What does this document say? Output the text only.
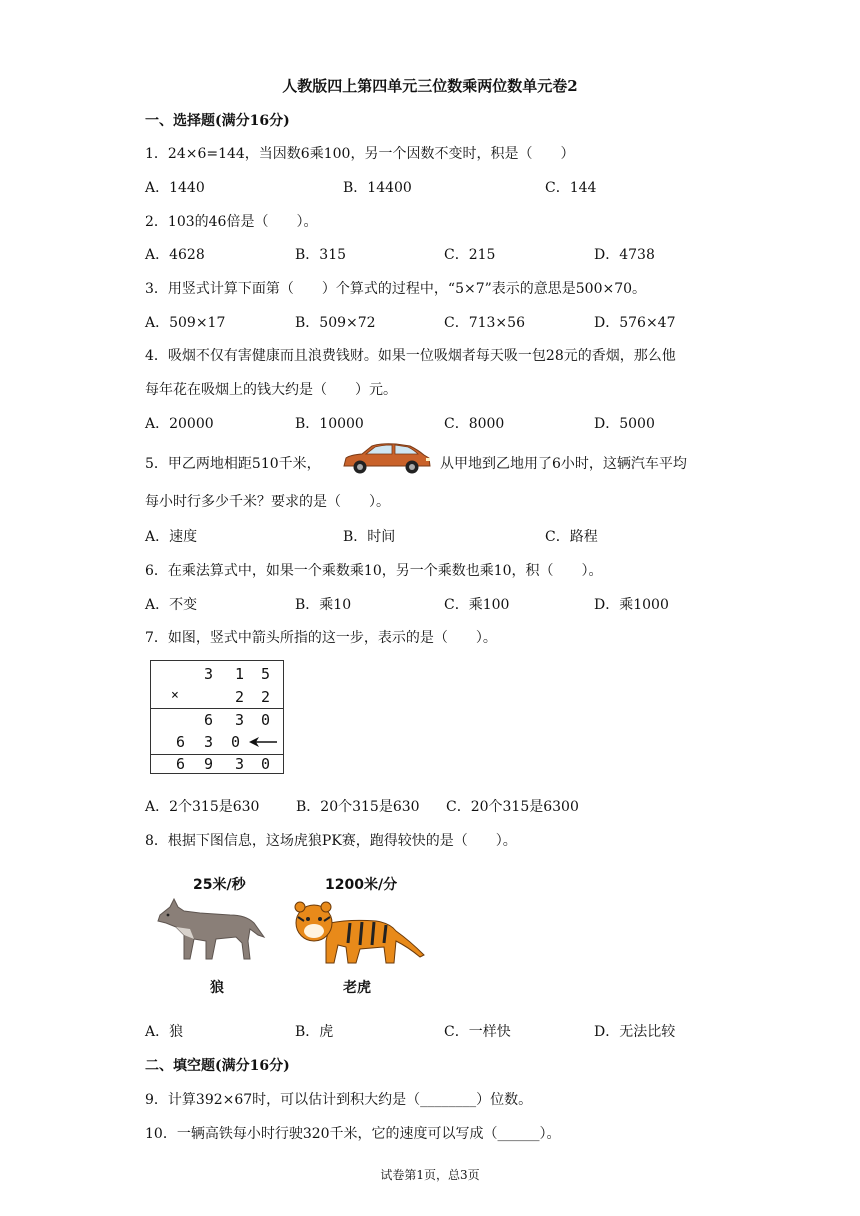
人教版四上第四单元三位数乘两位数单元卷2
一、选择题(满分16分)
1．24×6=144，当因数6乘100，另一个因数不变时，积是（　　）
A．1440	B．14400	C．144
2．103的46倍是（　　）。
A．4628	B．315	C．215	D．4738
3．用竖式计算下面第（　　）个算式的过程中，“5×7”表示的意思是500×70。
A．509×17	B．509×72	C．713×56	D．576×47
4．吸烟不仅有害健康而且浪费钱财。如果一位吸烟者每天吸一包28元的香烟，那么他
每年花在吸烟上的钱大约是（　　）元。
A．20000	B．10000	C．8000	D．5000
5．甲乙两地相距510千米，	从甲地到乙地用了6小时，这辆汽车平均
每小时行多少千米？要求的是（　　）。
A．速度	B．时间	C．路程
6．在乘法算式中，如果一个乘数乘10，另一个乘数也乘10，积（　　）。
A．不变	B．乘10	C．乘100	D．乘1000
7．如图，竖式中箭头所指的这一步，表示的是（　　）。
3 1 5
×	2 2
6 3 0
6 3 0
6 9 3 0
A．2个315是630	B．20个315是630 C．20个315是6300
8．根据下图信息，这场虎狼PK赛，跑得较快的是（　　）。
25米/秒	1200米/分
狼	老虎
A．狼	B．虎	C．一样快	D．无法比较
二、填空题(满分16分)
9．计算392×67时，可以估计到积大约是（________）位数。
10．一辆高铁每小时行驶320千米，它的速度可以写成（______）。
试卷第1页，总3页
